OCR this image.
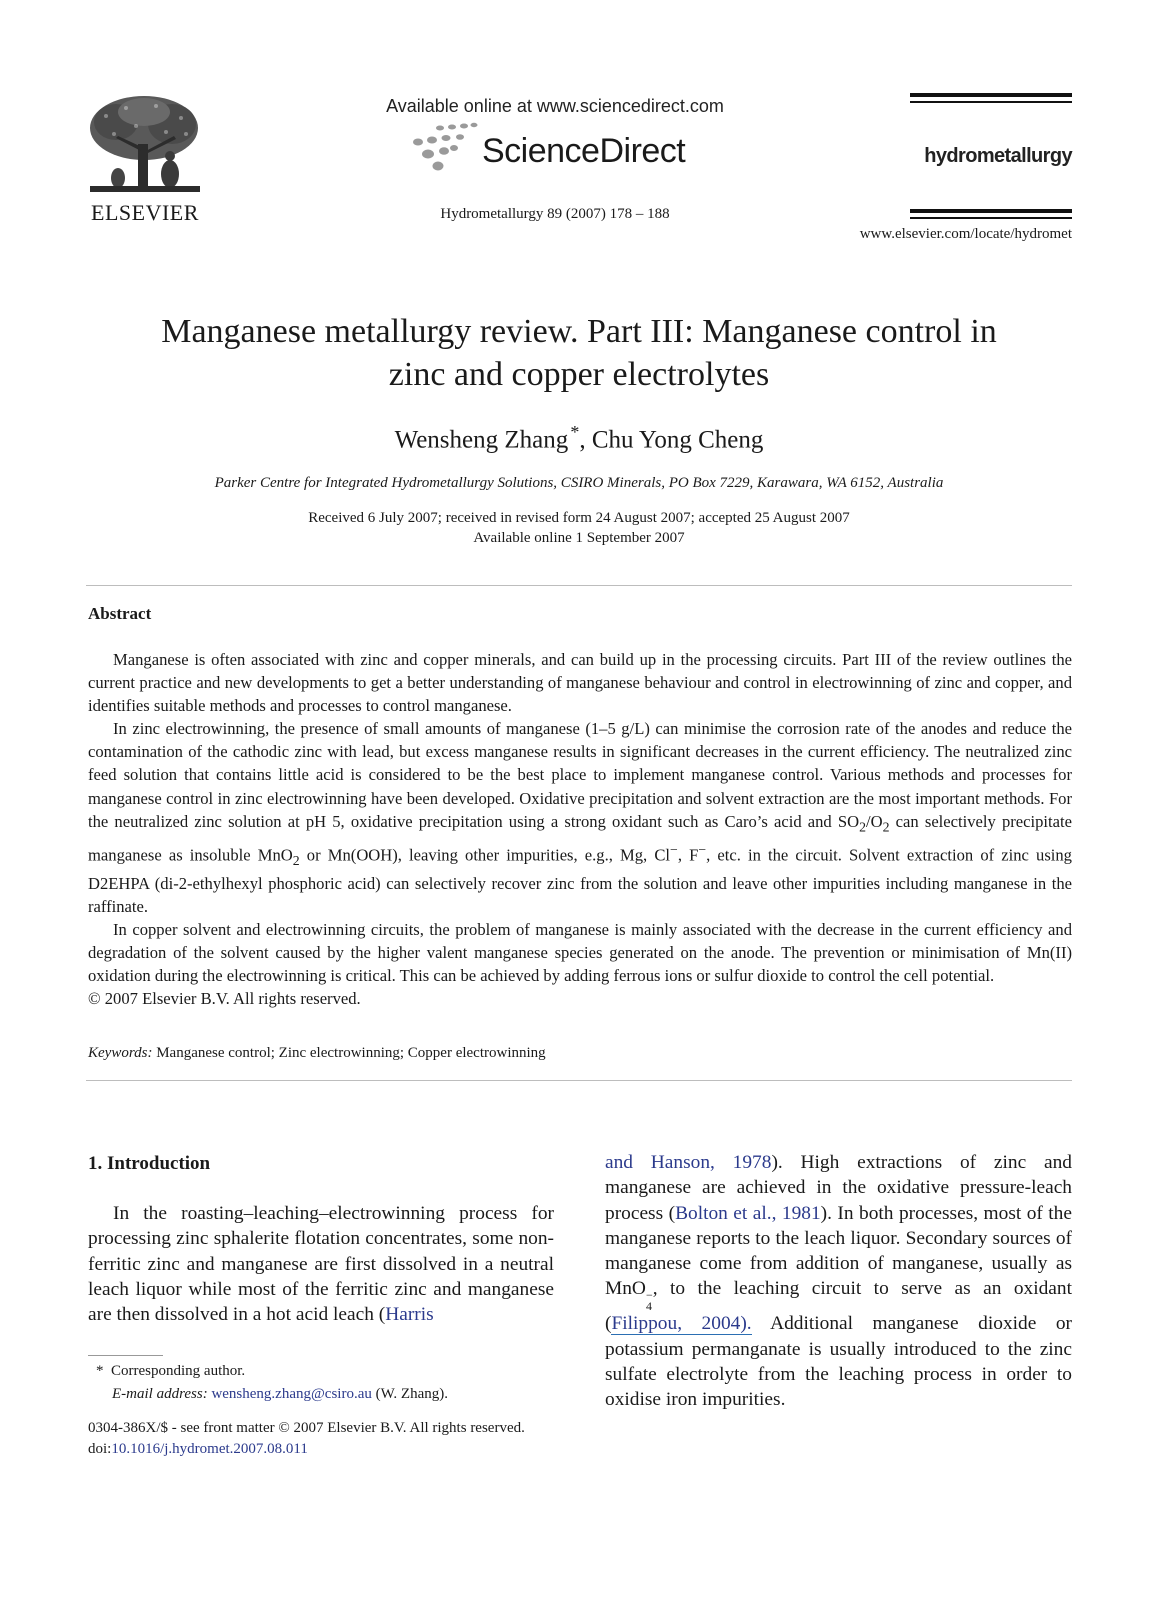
ELSEVIER
Available online at www.sciencedirect.com
ScienceDirect
Hydrometallurgy 89 (2007) 178 – 188
hydrometallurgy
www.elsevier.com/locate/hydromet
Manganese metallurgy review. Part III: Manganese control in
zinc and copper electrolytes
Wensheng Zhang  *, Chu Yong Cheng
Parker Centre for Integrated Hydrometallurgy Solutions, CSIRO Minerals, PO Box 7229, Karawara, WA 6152, Australia
Received 6 July 2007; received in revised form 24 August 2007; accepted 25 August 2007
Available online 1 September 2007
Abstract

Manganese is often associated with zinc and copper minerals, and can build up in the processing circuits. Part III of the review outlines the current practice and new developments to get a better understanding of manganese behaviour and control in electrowinning of zinc and copper, and identifies suitable methods and processes to control manganese.

In zinc electrowinning, the presence of small amounts of manganese (1–5 g/L) can minimise the corrosion rate of the anodes and reduce the contamination of the cathodic zinc with lead, but excess manganese results in significant decreases in the current efficiency. The neutralized zinc feed solution that contains little acid is considered to be the best place to implement manganese control. Various methods and processes for manganese control in zinc electrowinning have been developed. Oxidative precipitation and solvent extraction are the most important methods. For the neutralized zinc solution at pH 5, oxidative precipitation using a strong oxidant such as Caro’s acid and $SO_2/O_2$ can selectively precipitate manganese as insoluble MnO$_2$ or Mn(OOH), leaving other impurities, e.g., Mg, Cl−, F−, etc. in the circuit. Solvent extraction of zinc using D2EHPA (di-2-ethylhexyl phosphoric acid) can selectively recover zinc from the solution and leave other impurities including manganese in the raffinate.

In copper solvent and electrowinning circuits, the problem of manganese is mainly associated with the decrease in the current efficiency and degradation of the solvent caused by the higher valent manganese species generated on the anode. The prevention or minimisation of Mn(II) oxidation during the electrowinning is critical. This can be achieved by adding ferrous ions or sulfur dioxide to control the cell potential.

© 2007 Elsevier B.V. All rights reserved.

Keywords: Manganese control; Zinc electrowinning; Copper electrowinning
1. Introduction

In the roasting–leaching–electrowinning process for processing zinc sphalerite flotation concentrates, some non-ferritic zinc and manganese are first dissolved in a neutral leach liquor while most of the ferritic zinc and manganese are then dissolved in a hot acid leach (Harris

and Hanson, 1978). High extractions of zinc and manganese are achieved in the oxidative pressure-leach process (Bolton et al., 1981). In both processes, most of the manganese reports to the leach liquor. Secondary sources of manganese come from addition of manganese, usually as MnO −
4
, to the leaching circuit to serve as an oxidant (Filippou, 2004). Additional manganese dioxide or potassium permanganate is usually introduced to the zinc sulfate electrolyte from the leaching process in order to oxidise iron impurities.

* Corresponding author.
E-mail address: wensheng.zhang@csiro.au (W. Zhang).
0304-386X/$ - see front matter © 2007 Elsevier B.V. All rights reserved.
doi:10.1016/j.hydromet.2007.08.011
